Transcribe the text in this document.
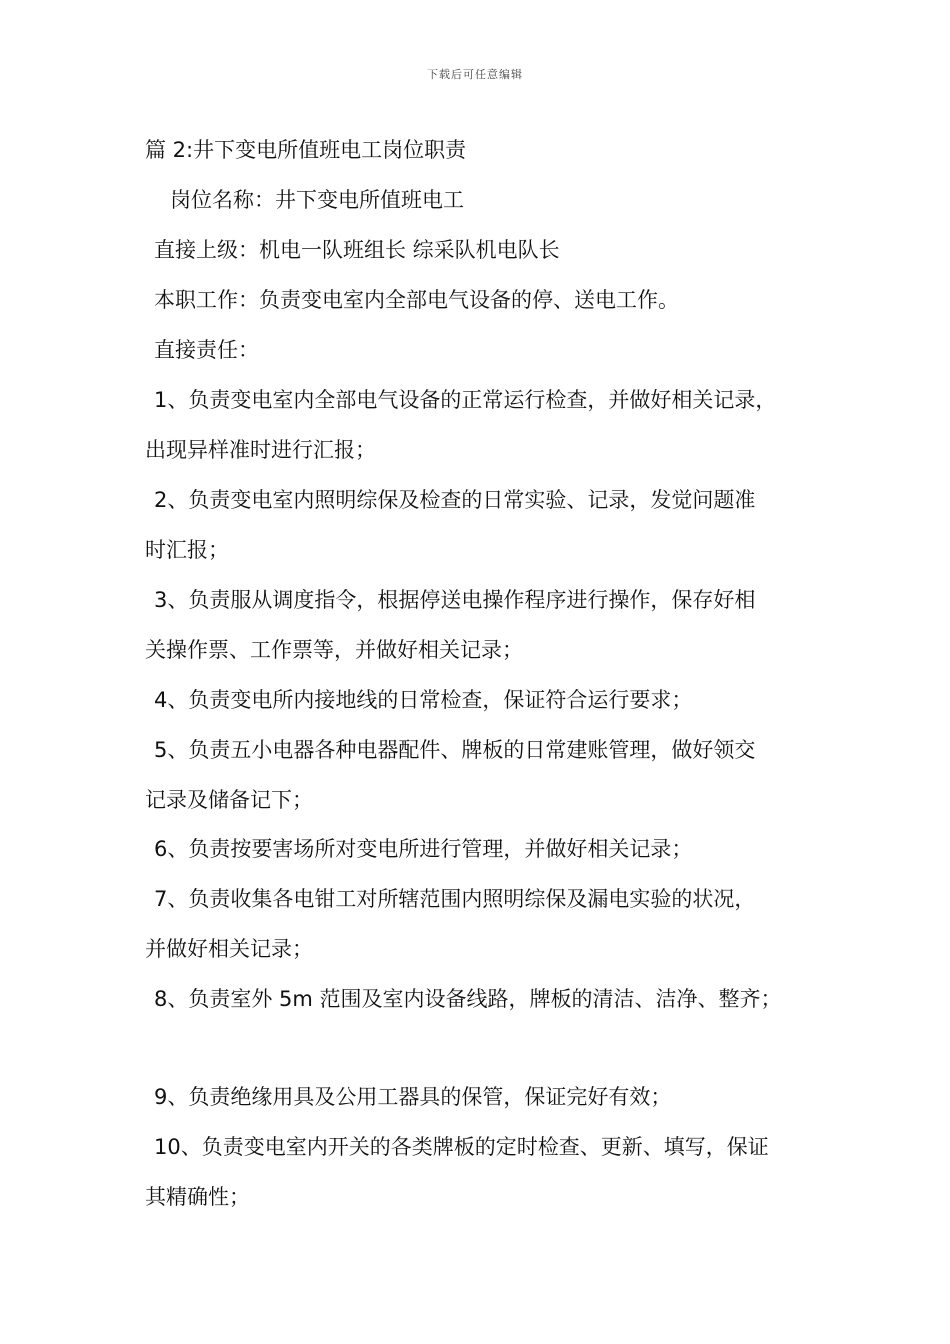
下载后可任意编辑
篇 2:井下变电所值班电工岗位职责
岗位名称：井下变电所值班电工
直接上级：机电一队班组长 综采队机电队长
本职工作：负责变电室内全部电气设备的停、送电工作。
直接责任：
1、负责变电室内全部电气设备的正常运行检查，并做好相关记录，
出现异样准时进行汇报；
2、负责变电室内照明综保及检查的日常实验、记录，发觉问题准
时汇报；
3、负责服从调度指令，根据停送电操作程序进行操作，保存好相
关操作票、工作票等，并做好相关记录；
4、负责变电所内接地线的日常检查，保证符合运行要求；
5、负责五小电器各种电器配件、牌板的日常建账管理，做好领交
记录及储备记下；
6、负责按要害场所对变电所进行管理，并做好相关记录；
7、负责收集各电钳工对所辖范围内照明综保及漏电实验的状况，
并做好相关记录；
8、负责室外 5m 范围及室内设备线路，牌板的清洁、洁净、整齐；
9、负责绝缘用具及公用工器具的保管，保证完好有效；
10、负责变电室内开关的各类牌板的定时检查、更新、填写，保证
其精确性；
